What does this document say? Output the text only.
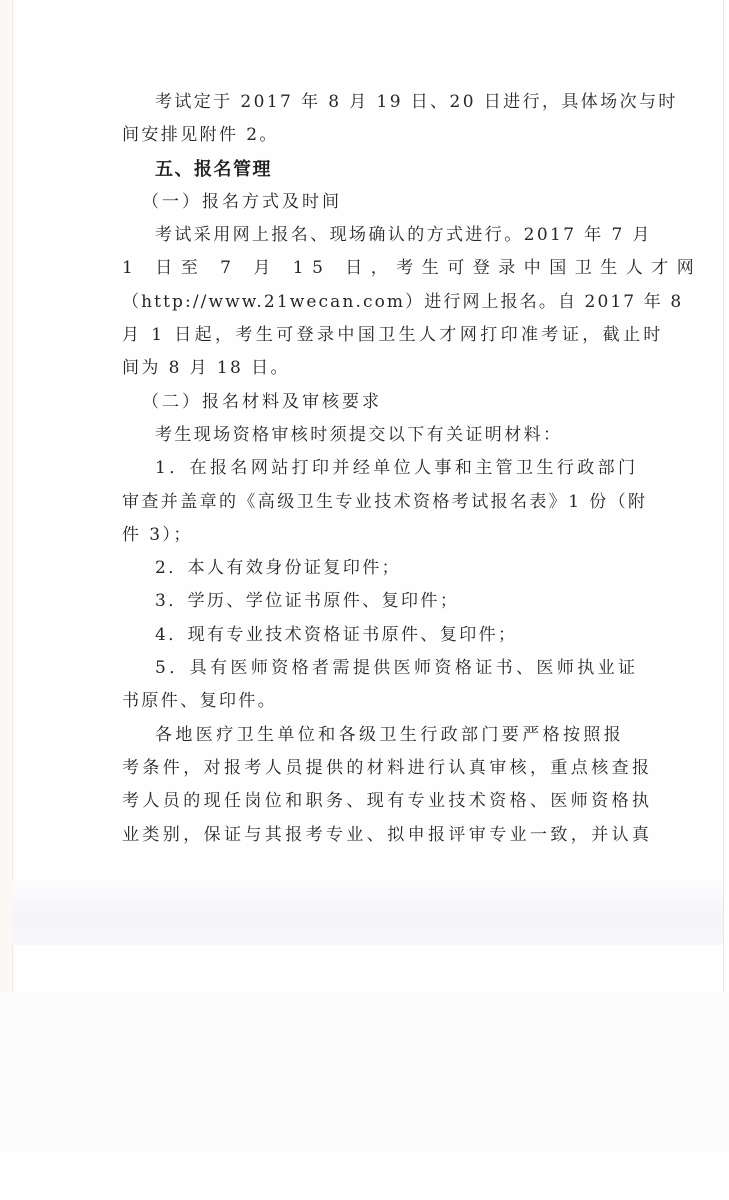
考试定于 2017 年 8 月 19 日、20 日进行，具体场次与时
间安排见附件 2。
五、报名管理
（一）报名方式及时间
考试采用网上报名、现场确认的方式进行。2017 年 7 月
1 日至 7 月 15 日，考生可登录中国卫生人才网
（http://www.21wecan.com）进行网上报名。自 2017 年 8
月 1 日起，考生可登录中国卫生人才网打印准考证，截止时
间为 8 月 18 日。
（二）报名材料及审核要求
考生现场资格审核时须提交以下有关证明材料：
1．在报名网站打印并经单位人事和主管卫生行政部门
审查并盖章的《高级卫生专业技术资格考试报名表》1 份（附
件 3）；
2．本人有效身份证复印件；
3．学历、学位证书原件、复印件；
4．现有专业技术资格证书原件、复印件；
5．具有医师资格者需提供医师资格证书、医师执业证
书原件、复印件。
各地医疗卫生单位和各级卫生行政部门要严格按照报
考条件，对报考人员提供的材料进行认真审核，重点核查报
考人员的现任岗位和职务、现有专业技术资格、医师资格执
业类别，保证与其报考专业、拟申报评审专业一致，并认真
